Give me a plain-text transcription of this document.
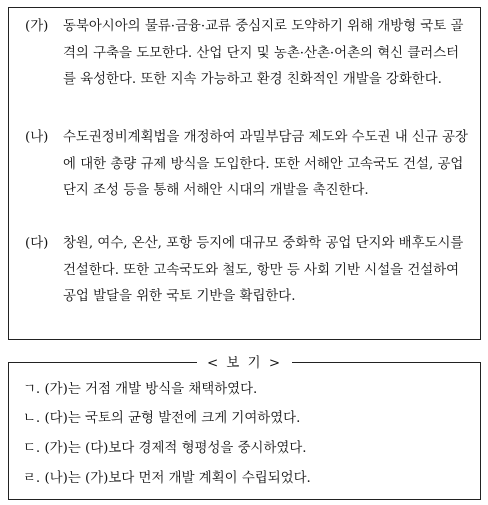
(가)	동북아시아의 물류·금융·교류 중심지로 도약하기 위해 개방형 국토 골격의 구축을 도모한다. 산업 단지 및 농촌·산촌·어촌의 혁신 클러스터를 육성한다. 또한 지속 가능하고 환경 친화적인 개발을 강화한다.
(나)	수도권정비계획법을 개정하여 과밀부담금 제도와 수도권 내 신규 공장에 대한 총량 규제 방식을 도입한다. 또한 서해안 고속국도 건설, 공업 단지 조성 등을 통해 서해안 시대의 개발을 촉진한다.
(다)	창원, 여수, 온산, 포항 등지에 대규모 중화학 공업 단지와 배후도시를 건설한다. 또한 고속국도와 철도, 항만 등 사회 기반 시설을 건설하여 공업 발달을 위한 국토 기반을 확립한다.
< 보 기 >
ㄱ. (가)는 거점 개발 방식을 채택하였다.
ㄴ. (다)는 국토의 균형 발전에 크게 기여하였다.
ㄷ. (가)는 (다)보다 경제적 형평성을 중시하였다.
ㄹ. (나)는 (가)보다 먼저 개발 계획이 수립되었다.
